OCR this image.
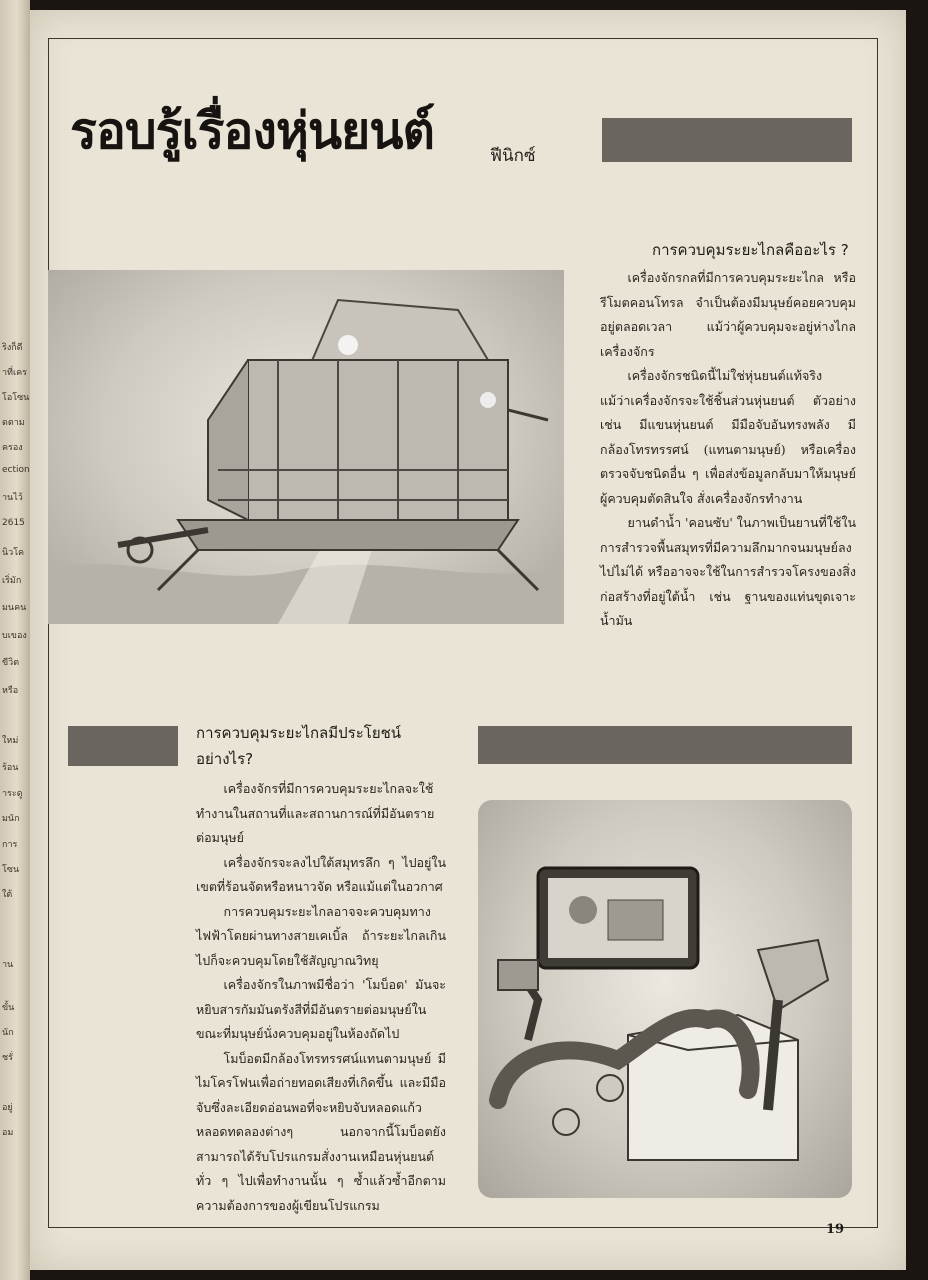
ริงก็ดี
าที่เคร
โอโซน
ดตาม
ครอง
ection
านไว้
2615
นิวโค
เริ่มัก
มนคน
บเของ
ขีวิต
หรือ
ใหม่
ร้อน
าระดู
มนัก
การ
โซน
ใต้
าน
ขั้น
นัก
ชรั่
อยู่
อม
รอบรู้เรื่องหุ่นยนต์	ฟีนิกซ์
การควบคุมระยะไกลคืออะไร ?

เครื่องจักรกลที่มีการควบคุมระยะไกล หรือรีโมตคอนโทรล จำเป็นต้องมีมนุษย์คอยควบคุมอยู่ตลอดเวลา แม้ว่าผู้ควบคุมจะอยู่ห่างไกลเครื่องจักร

เครื่องจักรชนิดนี้ไม่ใช่หุ่นยนต์แท้จริง แม้ว่าเครื่องจักรจะใช้ชิ้นส่วนหุ่นยนต์ ตัวอย่างเช่น มีแขนหุ่นยนต์ มีมือจับอันทรงพลัง มีกล้องโทรทรรศน์ (แทนตามนุษย์) หรือเครื่องตรวจจับชนิดอื่น ๆ เพื่อส่งข้อมูลกลับมาให้มนุษย์ผู้ควบคุมตัดสินใจ สั่งเครื่องจักรทำงาน

ยานดำน้ำ 'คอนซับ' ในภาพเป็นยานที่ใช้ในการสำรวจพื้นสมุทรที่มีความลึกมากจนมนุษย์ลงไปไม่ได้ หรืออาจจะใช้ในการสำรวจโครงของสิ่งก่อสร้างที่อยู่ใต้น้ำ เช่น ฐานของแท่นขุดเจาะน้ำมัน

การควบคุมระยะไกลมีประโยชน์อย่างไร?

เครื่องจักรที่มีการควบคุมระยะไกลจะใช้ทำงานในสถานที่และสถานการณ์ที่มีอันตรายต่อมนุษย์

เครื่องจักรจะลงไปใต้สมุทรลึก ๆ ไปอยู่ในเขตที่ร้อนจัดหรือหนาวจัด หรือแม้แต่ในอวกาศ

การควบคุมระยะไกลอาจจะควบคุมทางไฟฟ้าโดยผ่านทางสายเคเบิ้ล ถ้าระยะไกลเกินไปก็จะควบคุมโดยใช้สัญญาณวิทยุ

เครื่องจักรในภาพมีชื่อว่า 'โมบ็อต' มันจะหยิบสารกัมมันตรังสีที่มีอันตรายต่อมนุษย์ในขณะที่มนุษย์นั่งควบคุมอยู่ในห้องถัดไป

โมบ็อตมีกล้องโทรทรรศน์แทนตามนุษย์ มีไมโครโฟนเพื่อถ่ายทอดเสียงที่เกิดขึ้น และมีมือจับซึ่งละเอียดอ่อนพอที่จะหยิบจับหลอดแก้วหลอดทดลองต่างๆ นอกจากนี้โมบ็อตยังสามารถได้รับโปรแกรมสั่งงานเหมือนหุ่นยนต์ทั่ว ๆ ไปเพื่อทำงานนั้น ๆ ซ้ำแล้วซ้ำอีกตามความต้องการของผู้เขียนโปรแกรม

19
